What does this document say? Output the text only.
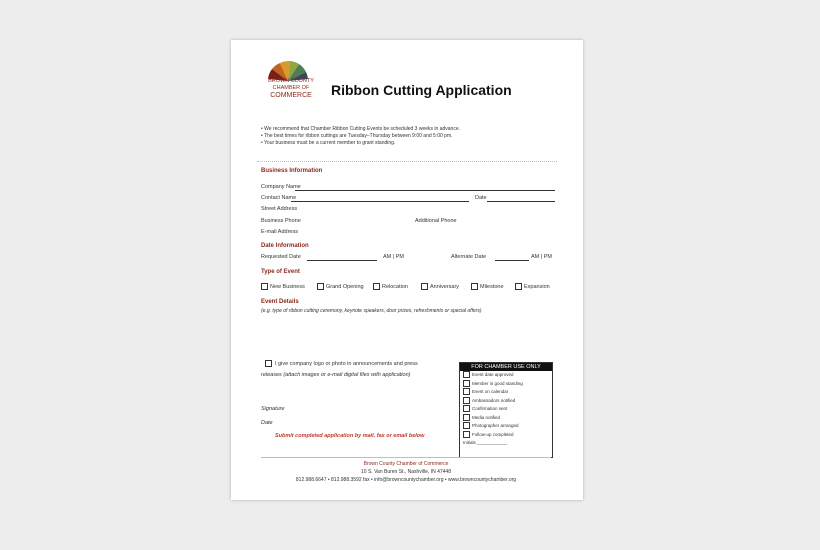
BROWN COUNTY
CHAMBER OF
COMMERCE	Ribbon Cutting Application
• We recommend that Chamber Ribbon Cutting Events be scheduled 3 weeks in advance.
• The best times for ribbon cuttings are Tuesday–Thursday between 9:00 and 5:00 pm.
• Your business must be a current member to grant standing.
Business Information
Company Name
Contact Name	Date
Street Address
Business Phone	Additional Phone
E-mail Address
Date Information
Requested Date	AM | PM	Alternate Date	AM | PM
Type of Event
New Business	Grand Opening	Relocation	Anniversary	Milestone	Expansion
Event Details
(e.g. type of ribbon cutting ceremony, keynote speakers, door prizes, refreshments or special offers)
I give company logo or photo in announcements and press
releases (attach images or e-mail digital files with application)
Signature
Date
Submit completed application by mail, fax or email below
FOR CHAMBER USE ONLY
Event date approved
Member in good standing
Event on calendar
Ambassadors notified
Confirmation sent
Media notified
Photographer arranged
Follow-up completed
Initials ____________
Brown County Chamber of Commerce
10 S. Van Buren St., Nashville, IN 47448
812.988.6647 • 812.988.3592 fax • info@browncountychamber.org • www.browncountychamber.org
